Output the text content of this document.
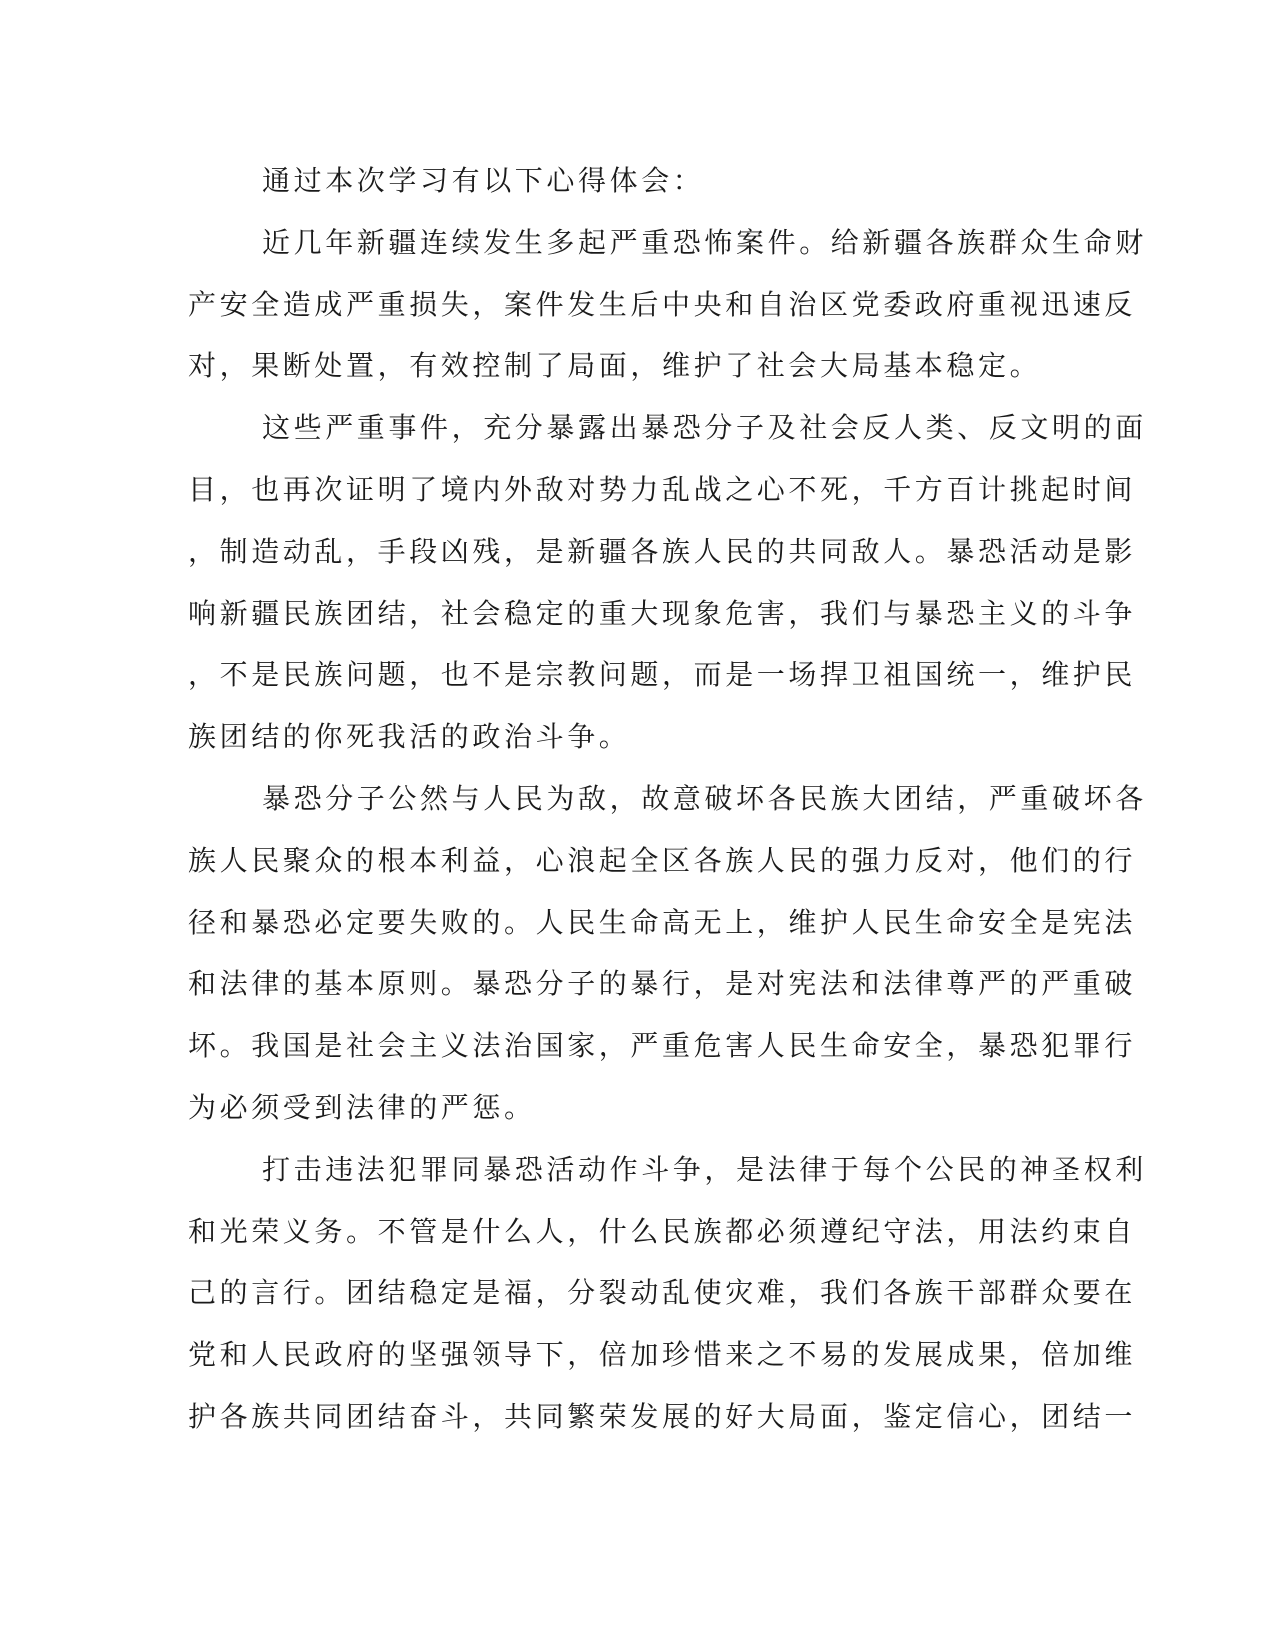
通过本次学习有以下心得体会：
近几年新疆连续发生多起严重恐怖案件。给新疆各族群众生命财
产安全造成严重损失，案件发生后中央和自治区党委政府重视迅速反
对，果断处置，有效控制了局面，维护了社会大局基本稳定。
这些严重事件，充分暴露出暴恐分子及社会反人类、反文明的面
目，也再次证明了境内外敌对势力乱战之心不死，千方百计挑起时间
，制造动乱，手段凶残，是新疆各族人民的共同敌人。暴恐活动是影
响新疆民族团结，社会稳定的重大现象危害，我们与暴恐主义的斗争
，不是民族问题，也不是宗教问题，而是一场捍卫祖国统一，维护民
族团结的你死我活的政治斗争。
暴恐分子公然与人民为敌，故意破坏各民族大团结，严重破坏各
族人民聚众的根本利益，心浪起全区各族人民的强力反对，他们的行
径和暴恐必定要失败的。人民生命高无上，维护人民生命安全是宪法
和法律的基本原则。暴恐分子的暴行，是对宪法和法律尊严的严重破
坏。我国是社会主义法治国家，严重危害人民生命安全，暴恐犯罪行
为必须受到法律的严惩。
打击违法犯罪同暴恐活动作斗争，是法律于每个公民的神圣权利
和光荣义务。不管是什么人，什么民族都必须遵纪守法，用法约束自
己的言行。团结稳定是福，分裂动乱使灾难，我们各族干部群众要在
党和人民政府的坚强领导下，倍加珍惜来之不易的发展成果，倍加维
护各族共同团结奋斗，共同繁荣发展的好大局面，鉴定信心，团结一
